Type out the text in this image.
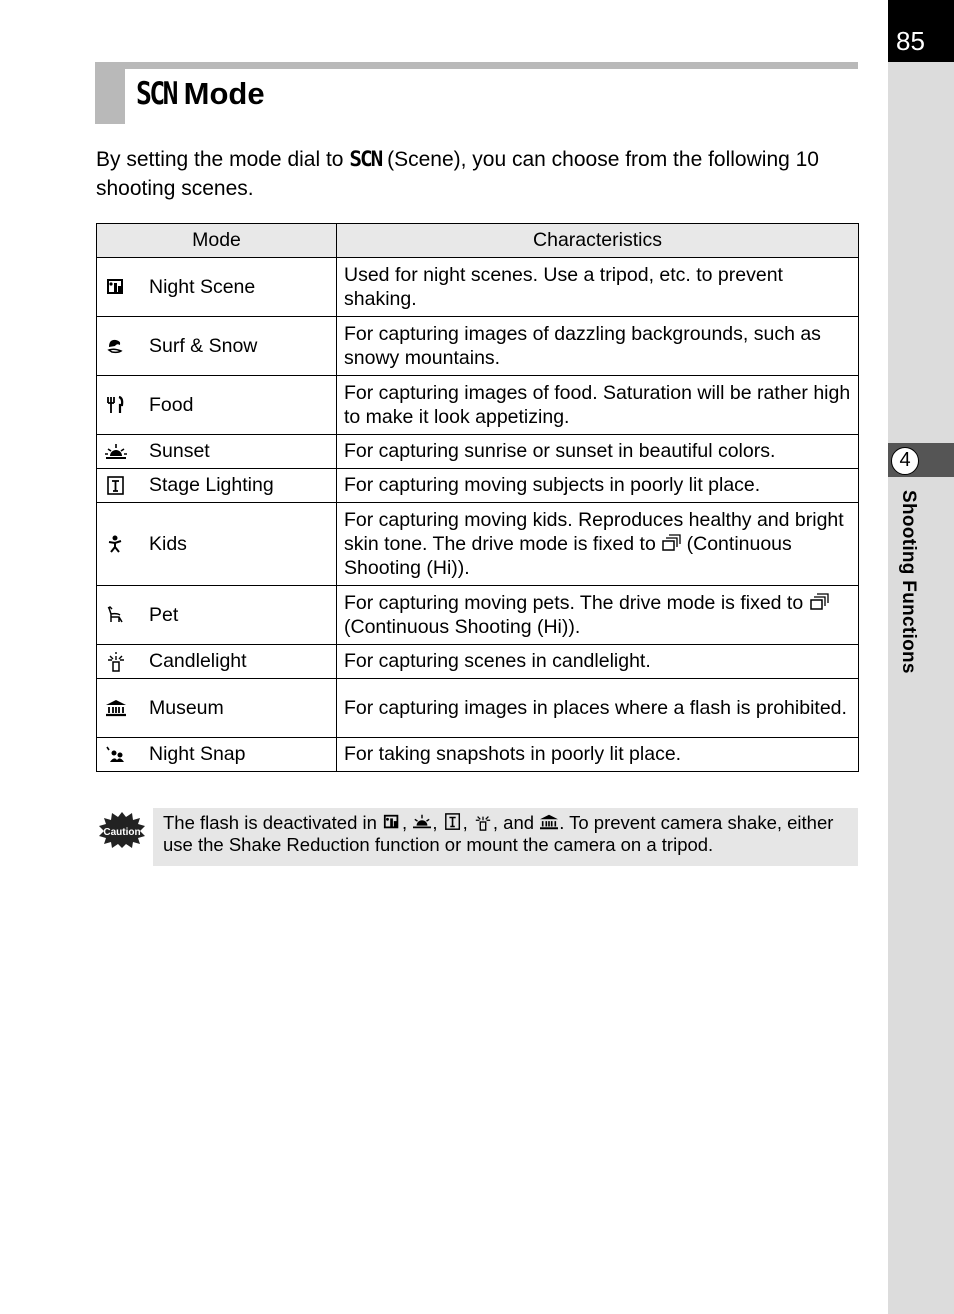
85
4
Shooting Functions
SCN Mode
By setting the mode dial to SCN (Scene), you can choose from the following 10 shooting scenes.
Mode	Characteristics

Night Scene	Used for night scenes. Use a tripod, etc. to prevent shaking.

Surf & Snow	For capturing images of dazzling backgrounds, such as snowy mountains.

Food	For capturing images of food. Saturation will be rather high to make it look appetizing.

Sunset	For capturing sunrise or sunset in beautiful colors.

Stage Lighting	For capturing moving subjects in poorly lit place.

Kids	For capturing moving kids. Reproduces healthy and bright skin tone. The drive mode is fixed to
(Continuous Shooting (Hi)).

Pet	For capturing moving pets. The drive mode is fixed to
(Continuous Shooting (Hi)).

Candlelight	For capturing scenes in candlelight.

Museum	For capturing images in places where a flash is prohibited.

Night Snap	For taking snapshots in poorly lit place.
Caution	The flash is deactivated in
,
,
,
, and
. To prevent camera shake, either use the Shake Reduction function or mount the camera on a tripod.
